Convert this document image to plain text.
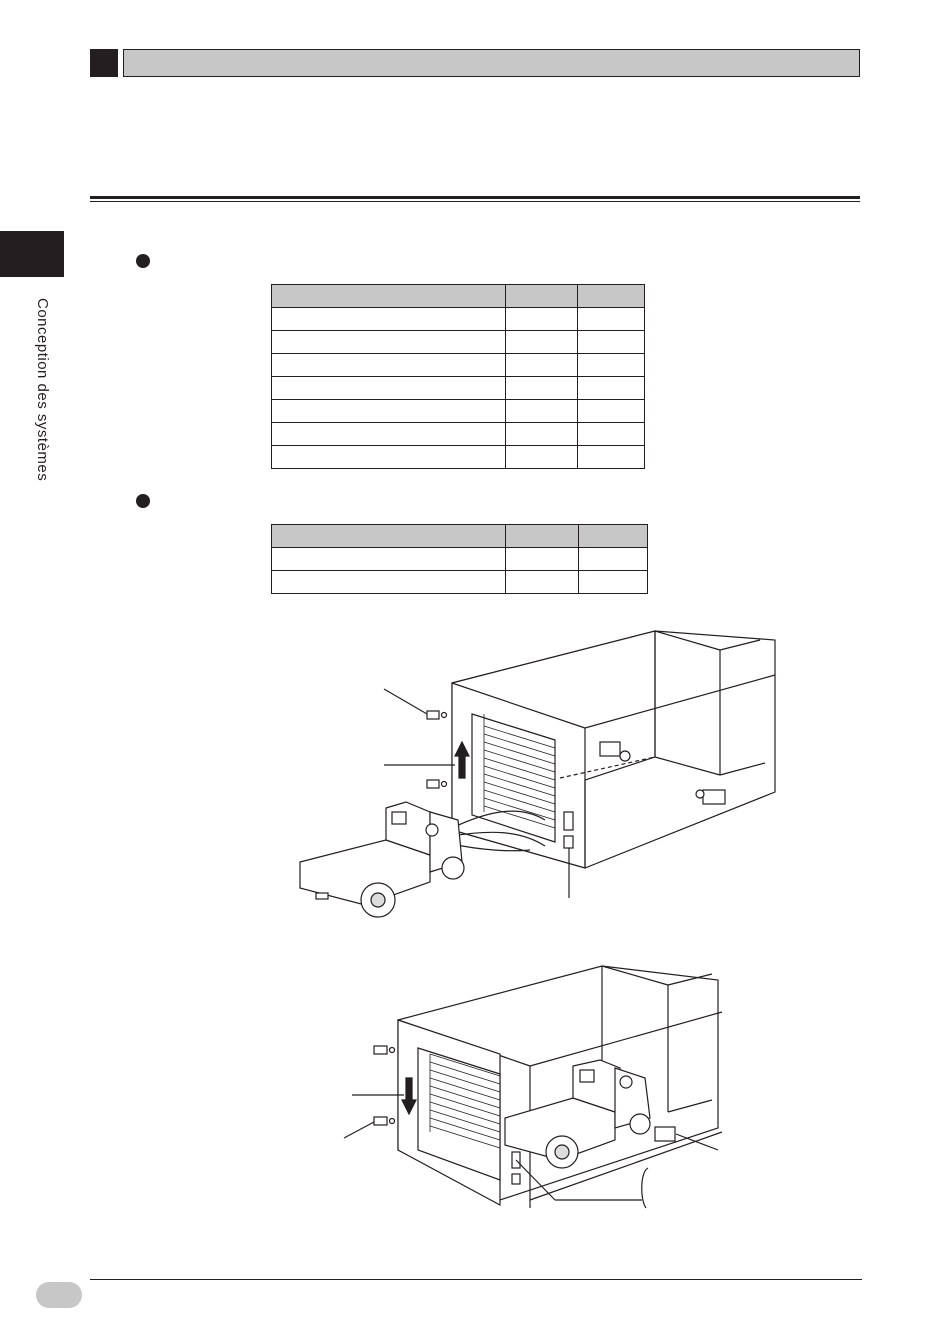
Conception des systèmes
